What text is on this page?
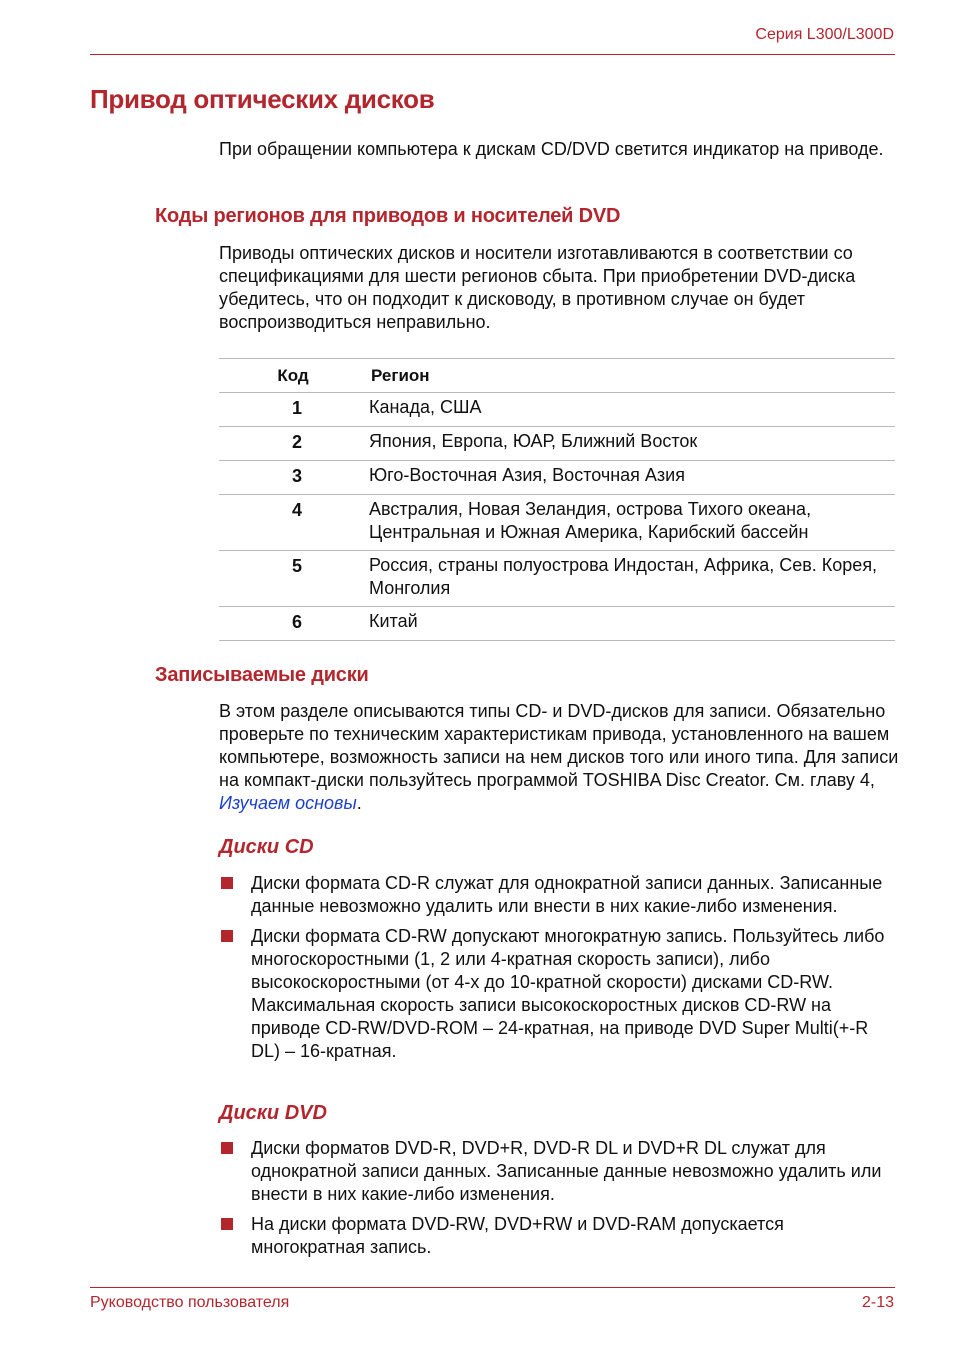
Серия L300/L300D
Привод оптических дисков
При обращении компьютера к дискам CD/DVD светится индикатор на приводе.
Коды регионов для приводов и носителей DVD
Приводы оптических дисков и носители изготавливаются в соответствии со спецификациями для шести регионов сбыта. При приобретении DVD-диска убедитесь, что он подходит к дисководу, в противном случае он будет воспроизводиться неправильно.
Код	Регион
1	Канада, США
2	Япония, Европа, ЮАР, Ближний Восток
3	Юго-Восточная Азия, Восточная Азия
4	Австралия, Новая Зеландия, острова Тихого океана, Центральная и Южная Америка, Карибский бассейн
5	Россия, страны полуострова Индостан, Африка, Сев. Корея, Монголия
6	Китай
Записываемые диски
В этом разделе описываются типы CD- и DVD-дисков для записи. Обязательно проверьте по техническим характеристикам привода, установленного на вашем компьютере, возможность записи на нем дисков того или иного типа. Для записи на компакт-диски пользуйтесь программой TOSHIBA Disc Creator. См. главу 4, Изучаем основы.
Диски CD
Диски формата CD-R служат для однократной записи данных. Записанные данные невозможно удалить или внести в них какие-либо изменения.
Диски формата CD-RW допускают многократную запись. Пользуйтесь либо многоскоростными (1, 2 или 4-кратная скорость записи), либо высокоскоростными (от 4-х до 10-кратной скорости) дисками CD-RW. Максимальная скорость записи высокоскоростных дисков CD-RW на приводе CD-RW/DVD-ROM – 24-кратная, на приводе DVD Super Multi(+-R DL) – 16-кратная.
Диски DVD
Диски форматов DVD-R, DVD+R, DVD-R DL и DVD+R DL служат для однократной записи данных. Записанные данные невозможно удалить или внести в них какие-либо изменения.
На диски формата DVD-RW, DVD+RW и DVD-RAM допускается многократная запись.
Руководство пользователя	2-13
